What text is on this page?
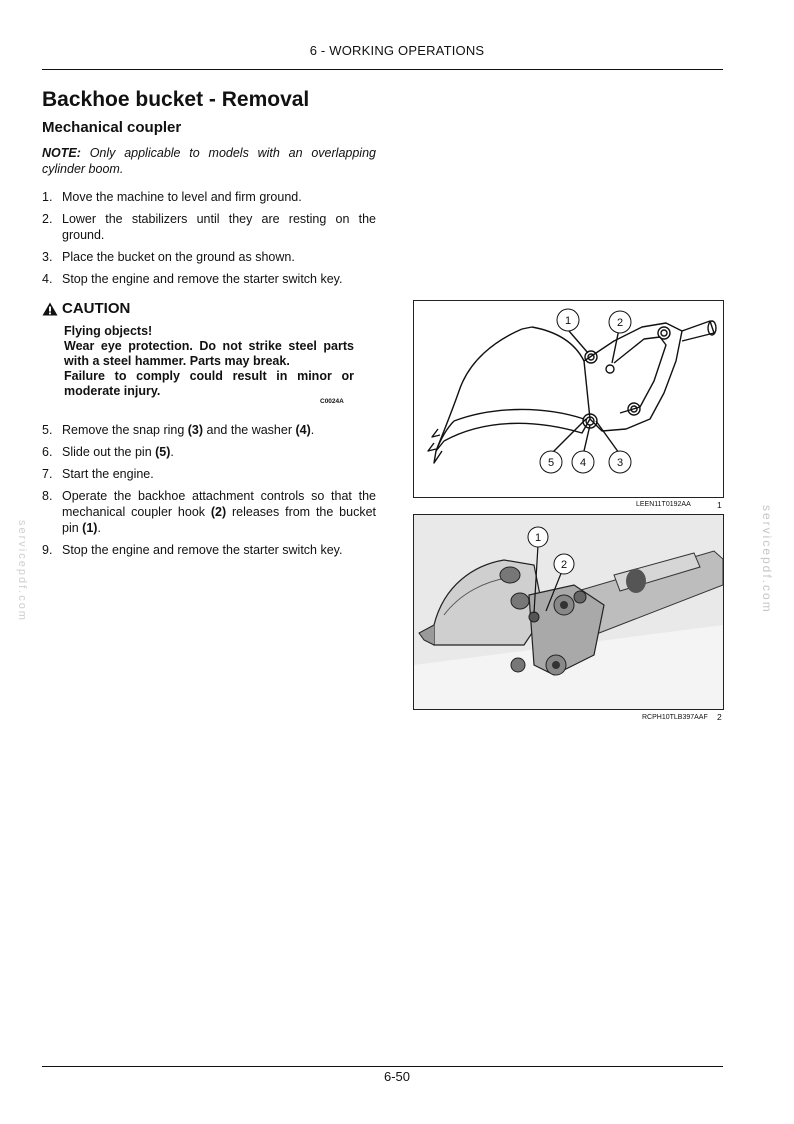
6 - WORKING OPERATIONS
Backhoe bucket - Removal
Mechanical coupler
NOTE: Only applicable to models with an overlapping cylinder boom.
1. Move the machine to level and firm ground.
2. Lower the stabilizers until they are resting on the ground.
3. Place the bucket on the ground as shown.
4. Stop the engine and remove the starter switch key.
CAUTION
Flying objects!
Wear eye protection. Do not strike steel parts with a steel hammer. Parts may break.
Failure to comply could result in minor or moderate injury.
C0024A
5. Remove the snap ring (3) and the washer (4).
6. Slide out the pin (5).
7. Start the engine.
8. Operate the backhoe attachment controls so that the mechanical coupler hook (2) releases from the bucket pin (1).
9. Stop the engine and remove the starter switch key.
1	2
5 4	3
LEEN11T0192AA	1
1
2
RCPH10TLB397AAF 2
servicepdf.com	servicepdf.com
6-50
